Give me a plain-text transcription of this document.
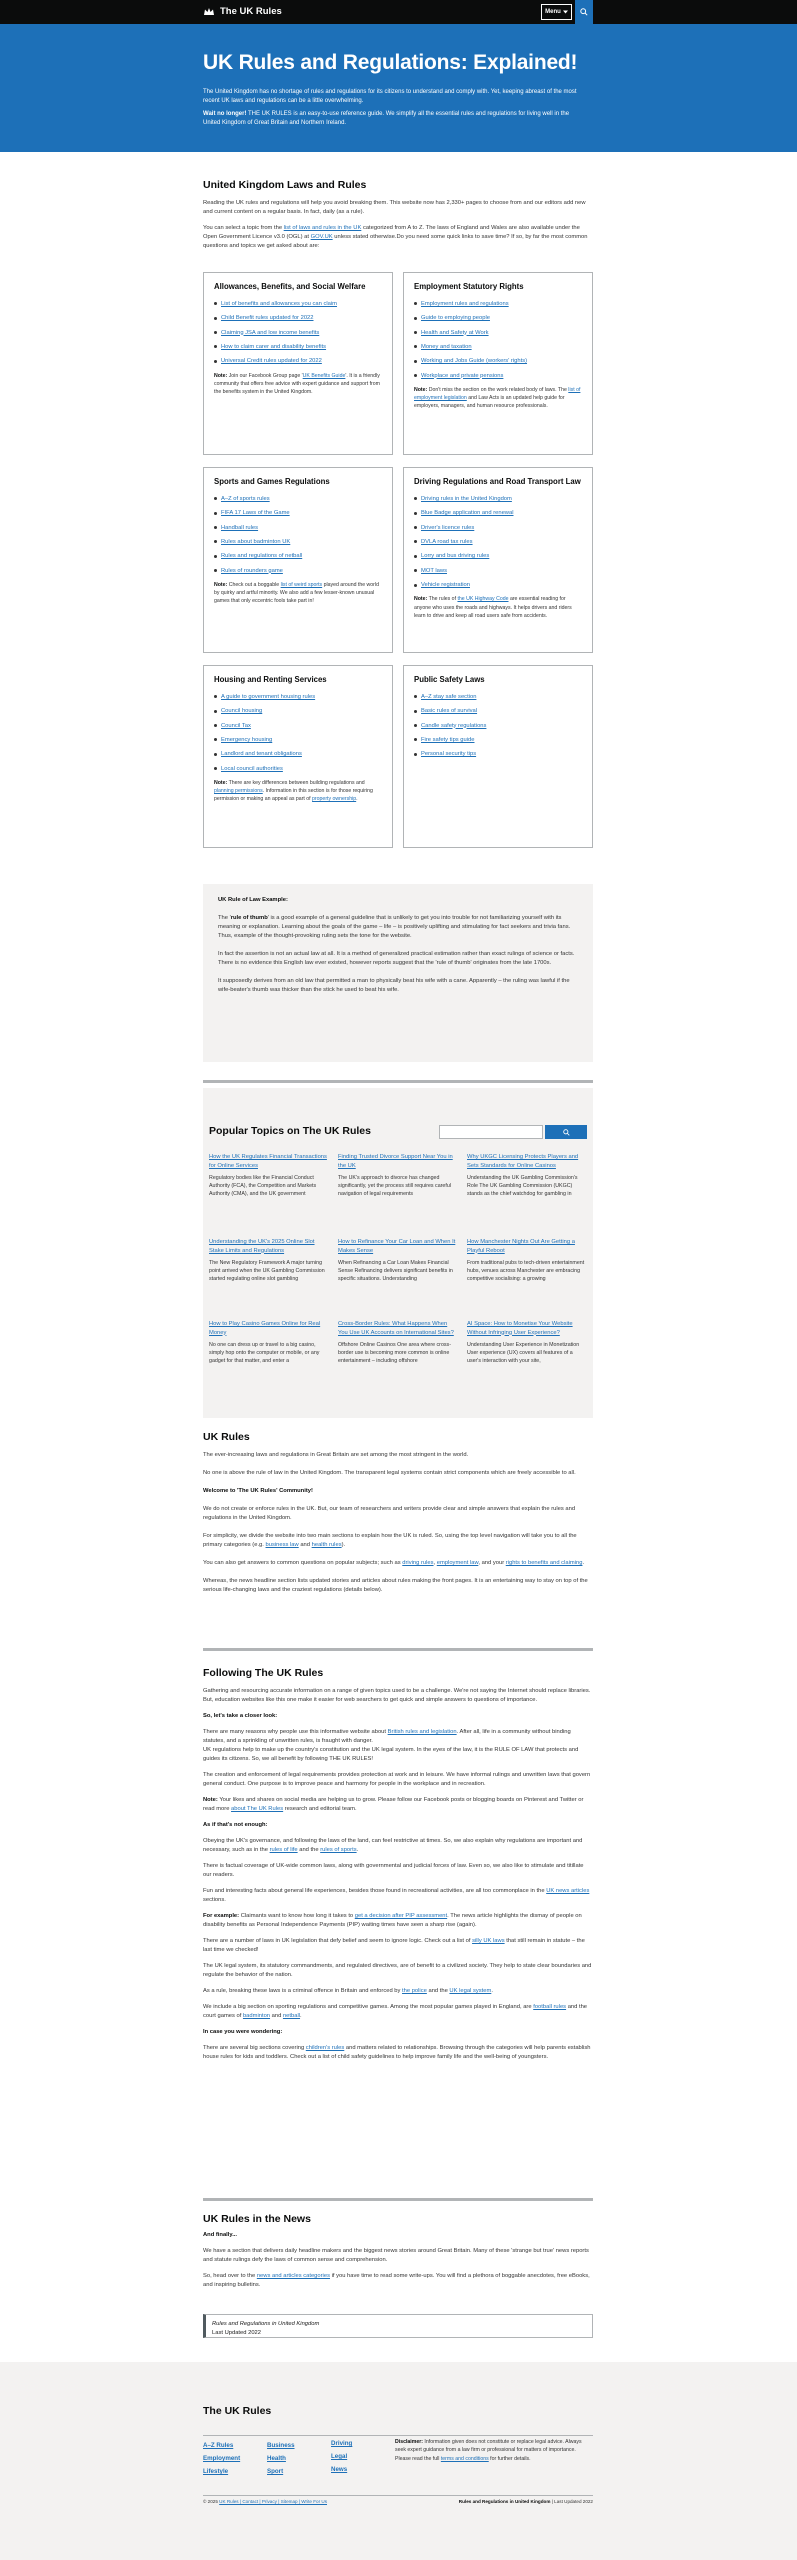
The UK Rules	Menu
UK Rules and Regulations: Explained!

The United Kingdom has no shortage of rules and regulations for its citizens to understand and comply with. Yet, keeping abreast of the most recent UK laws and regulations can be a little overwhelming.

Wait no longer! THE UK RULES is an easy-to-use reference guide. We simplify all the essential rules and regulations for living well in the United Kingdom of Great Britain and Northern Ireland.

United Kingdom Laws and Rules

Reading the UK rules and regulations will help you avoid breaking them. This website now has 2,330+ pages to choose from and our editors add new and current content on a regular basis. In fact, daily (as a rule).

You can select a topic from the list of laws and rules in the UK categorized from A to Z. The laws of England and Wales are also available under the Open Government Licence v3.0 (OGL) at GOV.UK unless stated otherwise.Do you need some quick links to save time? If so, by far the most common questions and topics we get asked about are:

Allowances, Benefits, and Social Welfare
List of benefits and allowances you can claim
Child Benefit rules updated for 2022
Claiming JSA and low income benefits
How to claim carer and disability benefits
Universal Credit rules updated for 2022

Note: Join our Facebook Group page 'UK Benefits Guide'. It is a friendly community that offers free advice with expert guidance and support from the benefits system in the United Kingdom.

Employment Statutory Rights
Employment rules and regulations
Guide to employing people
Health and Safety at Work
Money and taxation
Working and Jobs Guide (workers' rights)
Workplace and private pensions

Note: Don't miss the section on the work related body of laws. The list of employment legislation and Law Acts is an updated help guide for employers, managers, and human resource professionals.

Sports and Games Regulations
A–Z of sports rules
FIFA 17 Laws of the Game
Handball rules
Rules about badminton UK
Rules and regulations of netball
Rules of rounders game

Note: Check out a boggable list of weird sports played around the world by quirky and artful minority. We also add a few lesser-known unusual games that only eccentric fools take part in!

Driving Regulations and Road Transport Law
Driving rules in the United Kingdom
Blue Badge application and renewal
Driver's licence rules
DVLA road tax rules
Lorry and bus driving rules
MOT laws
Vehicle registration

Note: The rules of the UK Highway Code are essential reading for anyone who uses the roads and highways. It helps drivers and riders learn to drive and keep all road users safe from accidents.

Housing and Renting Services
A guide to government housing rules
Council housing
Council Tax
Emergency housing
Landlord and tenant obligations
Local council authorities

Note: There are key differences between building regulations and planning permissions. Information in this section is for those requiring permission or making an appeal as part of property ownership.

Public Safety Laws
A–Z stay safe section
Basic rules of survival
Candle safety regulations
Fire safety tips guide
Personal security tips

UK Rule of Law Example:

The 'rule of thumb' is a good example of a general guideline that is unlikely to get you into trouble for not familiarizing yourself with its meaning or explanation. Learning about the goals of the game – life – is positively uplifting and stimulating for fact seekers and trivia fans. Thus, example of the thought-provoking ruling sets the tone for the website.

In fact the assertion is not an actual law at all. It is a method of generalized practical estimation rather than exact rulings of science or facts. There is no evidence this English law ever existed, however reports suggest that the 'rule of thumb' originates from the late 1700s.

It supposedly derives from an old law that permitted a man to physically beat his wife with a cane. Apparently – the ruling was lawful if the wife-beater's thumb was thicker than the stick he used to beat his wife.

Popular Topics on The UK Rules
How the UK Regulates Financial Transactions for Online Services
Regulatory bodies like the Financial Conduct Authority (FCA), the Competition and Markets Authority (CMA), and the UK government
Finding Trusted Divorce Support Near You in the UK
The UK's approach to divorce has changed significantly, yet the process still requires careful navigation of legal requirements
Why UKGC Licensing Protects Players and Sets Standards for Online Casinos
Understanding the UK Gambling Commission's Role The UK Gambling Commission (UKGC) stands as the chief watchdog for gambling in
Understanding the UK's 2025 Online Slot Stake Limits and Regulations
The New Regulatory Framework A major turning point arrived when the UK Gambling Commission started regulating online slot gambling
How to Refinance Your Car Loan and When It Makes Sense
When Refinancing a Car Loan Makes Financial Sense Refinancing delivers significant benefits in specific situations. Understanding
How Manchester Nights Out Are Getting a Playful Reboot
From traditional pubs to tech-driven entertainment hubs, venues across Manchester are embracing competitive socialising: a growing
How to Play Casino Games Online for Real Money
No one can dress up or travel to a big casino, simply hop onto the computer or mobile, or any gadget for that matter, and enter a
Cross-Border Rules: What Happens When You Use UK Accounts on International Sites?
Offshore Online Casinos One area where cross-border use is becoming more common is online entertainment – including offshore
AI Space: How to Monetise Your Website Without Infringing User Experience?
Understanding User Experience in Monetization User experience (UX) covers all features of a user's interaction with your site,
UK Rules

The ever-increasing laws and regulations in Great Britain are set among the most stringent in the world.

No one is above the rule of law in the United Kingdom. The transparent legal systems contain strict components which are freely accessible to all.

Welcome to 'The UK Rules' Community!

We do not create or enforce rules in the UK. But, our team of researchers and writers provide clear and simple answers that explain the rules and regulations in the United Kingdom.

For simplicity, we divide the website into two main sections to explain how the UK is ruled. So, using the top level navigation will take you to all the primary categories (e.g. business law and health rules).

You can also get answers to common questions on popular subjects; such as driving rules, employment law, and your rights to benefits and claiming.

Whereas, the news headline section lists updated stories and articles about rules making the front pages. It is an entertaining way to stay on top of the serious life-changing laws and the craziest regulations (details below).

Following The UK Rules

Gathering and resourcing accurate information on a range of given topics used to be a challenge. We're not saying the Internet should replace libraries. But, education websites like this one make it easier for web searchers to get quick and simple answers to questions of importance.

So, let's take a closer look:

There are many reasons why people use this informative website about British rules and legislation. After all, life in a community without binding statutes, and a sprinkling of unwritten rules, is fraught with danger.

UK regulations help to make up the country's constitution and the UK legal system. In the eyes of the law, it is the RULE OF LAW that protects and guides its citizens. So, we all benefit by following THE UK RULES!

The creation and enforcement of legal requirements provides protection at work and in leisure. We have informal rulings and unwritten laws that govern general conduct. One purpose is to improve peace and harmony for people in the workplace and in recreation.

Note: Your likes and shares on social media are helping us to grow. Please follow our Facebook posts or blogging boards on Pinterest and Twitter or read more about The UK Rules research and editorial team.

As if that's not enough:

Obeying the UK's governance, and following the laws of the land, can feel restrictive at times. So, we also explain why regulations are important and necessary, such as in the rules of life and the rules of sports.

There is factual coverage of UK-wide common laws, along with governmental and judicial forces of law. Even so, we also like to stimulate and titillate our readers.

Fun and interesting facts about general life experiences, besides those found in recreational activities, are all too commonplace in the UK news articles sections.

For example: Claimants want to know how long it takes to get a decision after PIP assessment. The news article highlights the dismay of people on disability benefits as Personal Independence Payments (PIP) waiting times have seen a sharp rise (again).

There are a number of laws in UK legislation that defy belief and seem to ignore logic. Check out a list of silly UK laws that still remain in statute – the last time we checked!

The UK legal system, its statutory commandments, and regulated directives, are of benefit to a civilized society. They help to state clear boundaries and regulate the behavior of the nation.

As a rule, breaking these laws is a criminal offence in Britain and enforced by the police and the UK legal system.

We include a big section on sporting regulations and competitive games. Among the most popular games played in England, are football rules and the court games of badminton and netball.

In case you were wondering:

There are several big sections covering children's rules and matters related to relationships. Browsing through the categories will help parents establish house rules for kids and toddlers. Check out a list of child safety guidelines to help improve family life and the well-being of youngsters.

UK Rules in the News

And finally...

We have a section that delivers daily headline makers and the biggest news stories around Great Britain. Many of these 'strange but true' news reports and statute rulings defy the laws of common sense and comprehension.

So, head over to the news and articles categories if you have time to read some write-ups. You will find a plethora of boggable anecdotes, free eBooks, and inspiring bulletins.

Rules and Regulations in United Kingdom
Last Updated 2022
The UK Rules
A–Z Rules
Employment
Lifestyle
Business
Health
Sport
Driving
Legal
News

Disclaimer: Information given does not constitute or replace legal advice. Always seek expert guidance from a law firm or professional for matters of importance. Please read the full terms and conditions for further details.

© 2025 UK Rules | Contact | Privacy | Sitemap | Write For Us	Rules and Regulations in United Kingdom | Last Updated 2022
